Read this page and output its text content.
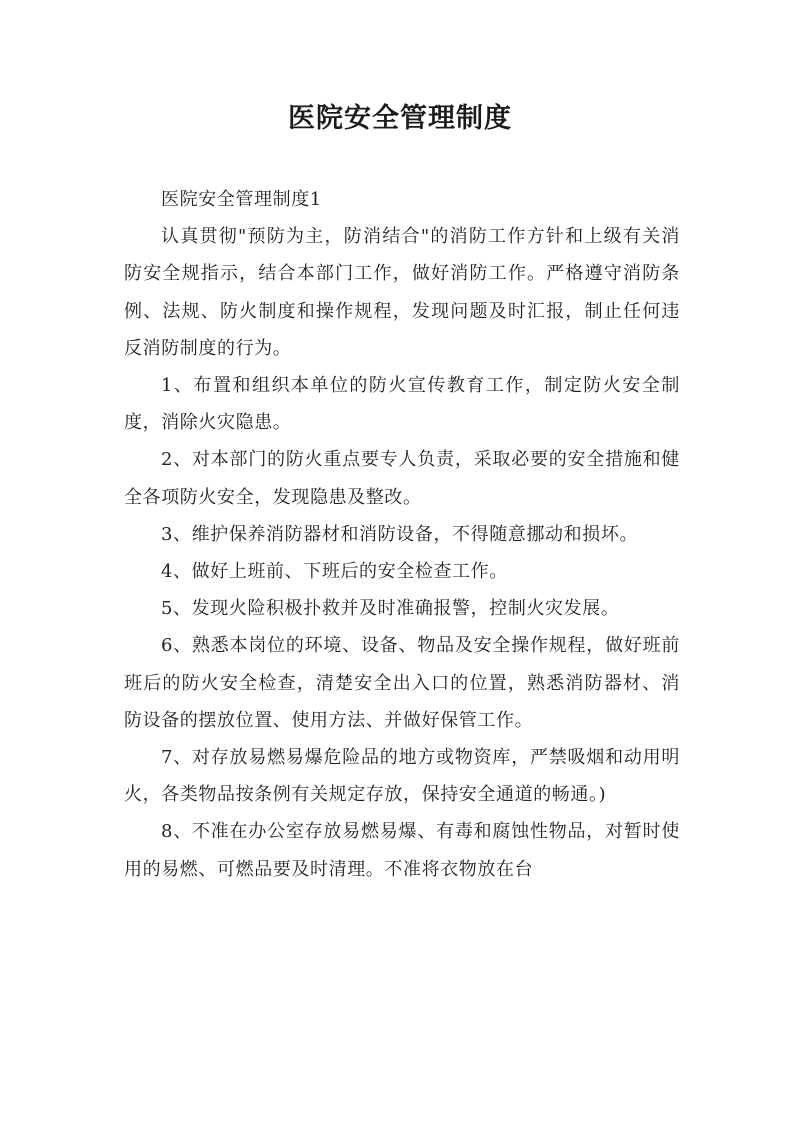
医院安全管理制度

医院安全管理制度1

认真贯彻"预防为主，防消结合"的消防工作方针和上级有关消防安全规指示，结合本部门工作，做好消防工作。严格遵守消防条例、法规、防火制度和操作规程，发现问题及时汇报，制止任何违反消防制度的行为。

1、布置和组织本单位的防火宣传教育工作，制定防火安全制度，消除火灾隐患。

2、对本部门的防火重点要专人负责，采取必要的安全措施和健全各项防火安全，发现隐患及整改。

3、维护保养消防器材和消防设备，不得随意挪动和损坏。

4、做好上班前、下班后的安全检查工作。

5、发现火险积极扑救并及时准确报警，控制火灾发展。

6、熟悉本岗位的环境、设备、物品及安全操作规程，做好班前班后的防火安全检查，清楚安全出入口的位置，熟悉消防器材、消防设备的摆放位置、使用方法、并做好保管工作。

7、对存放易燃易爆危险品的地方或物资库，严禁吸烟和动用明火，各类物品按条例有关规定存放，保持安全通道的畅通。)

8、不准在办公室存放易燃易爆、有毒和腐蚀性物品，对暂时使用的易燃、可燃品要及时清理。不准将衣物放在台
